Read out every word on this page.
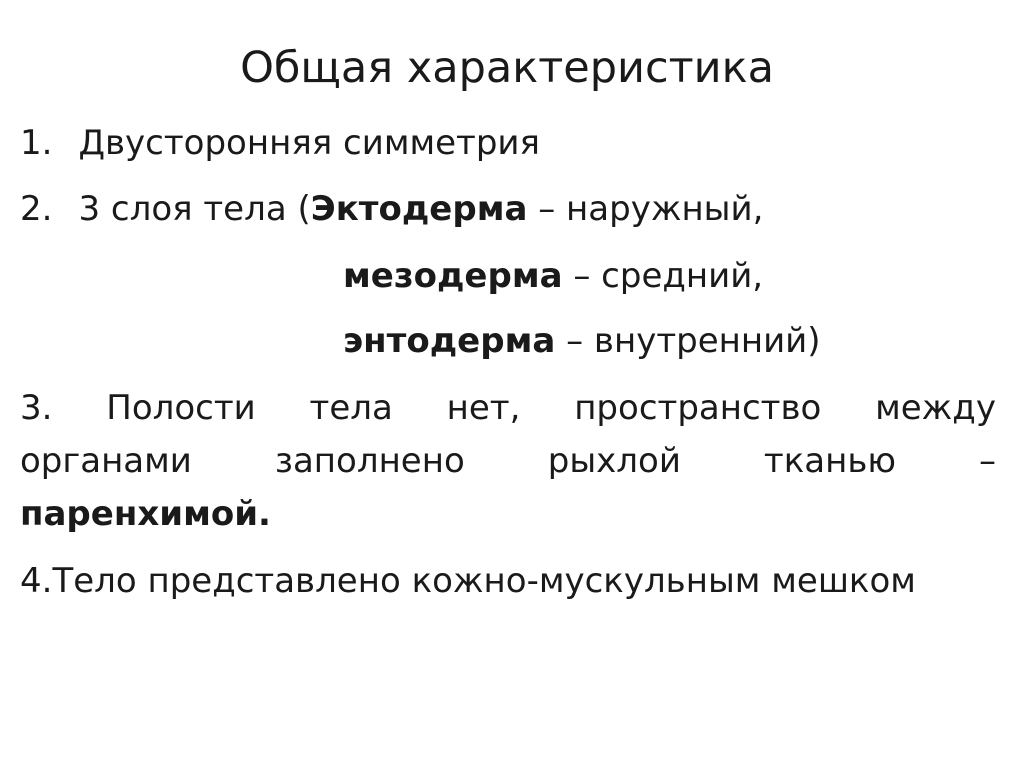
Общая характеристика
1. Двусторонняя симметрия
2. 3 слоя тела (Эктодерма – наружный,
мезодерма – средний,
энтодерма – внутренний)
3. Полости тела нет, пространство между
органами заполнено рыхлой тканью –
паренхимой.
4.Тело представлено кожно-мускульным мешком
